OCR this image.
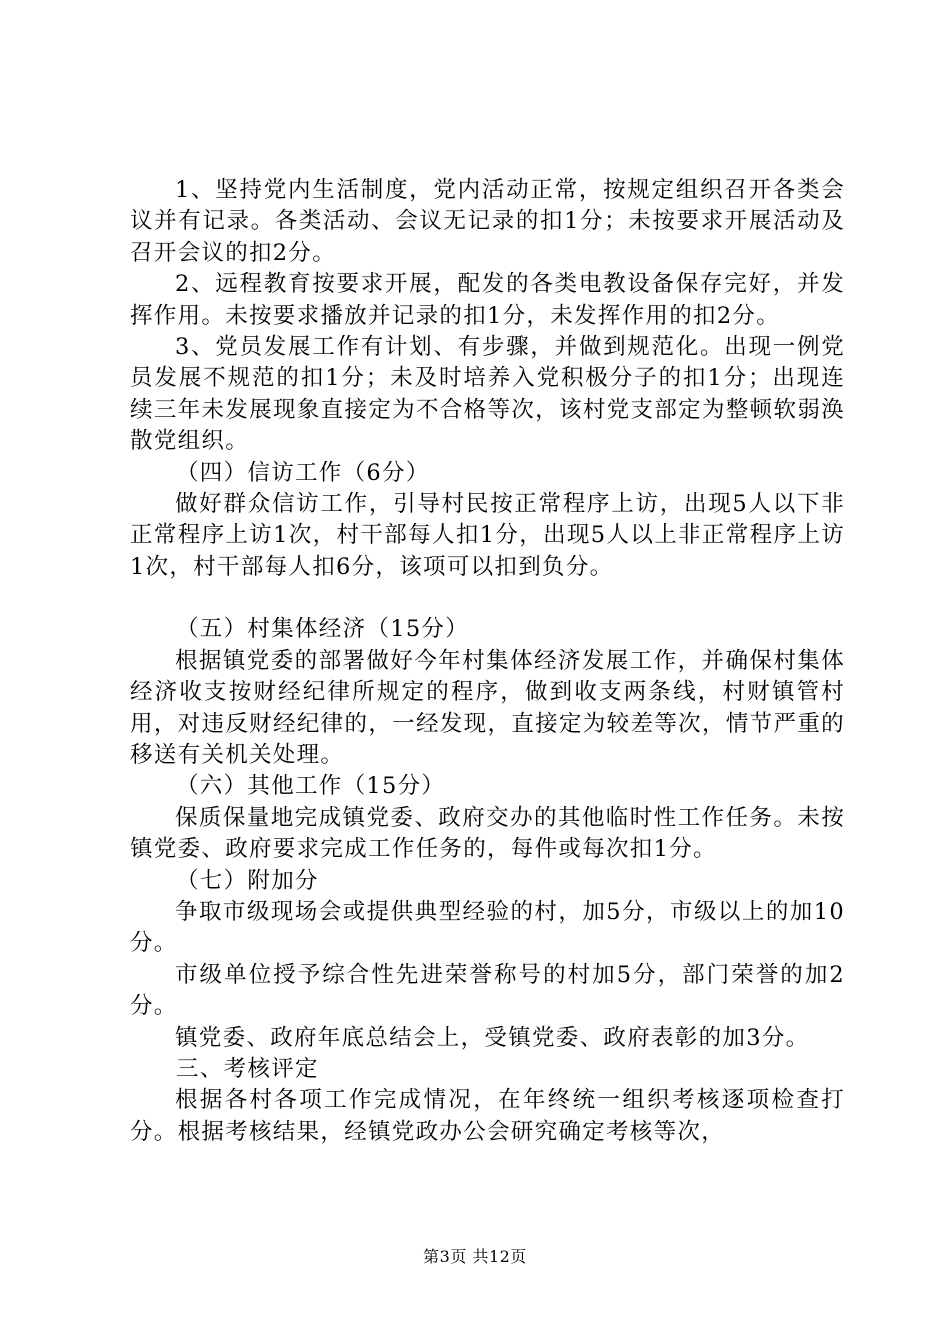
1、坚持党内生活制度，党内活动正常，按规定组织召开各类会议并有记录。各类活动、会议无记录的扣1分；未按要求开展活动及召开会议的扣2分。

2、远程教育按要求开展，配发的各类电教设备保存完好，并发挥作用。未按要求播放并记录的扣1分，未发挥作用的扣2分。

3、党员发展工作有计划、有步骤，并做到规范化。出现一例党员发展不规范的扣1分；未及时培养入党积极分子的扣1分；出现连续三年未发展现象直接定为不合格等次，该村党支部定为整顿软弱涣散党组织。

（四）信访工作（6分）

做好群众信访工作，引导村民按正常程序上访，出现5人以下非正常程序上访1次，村干部每人扣1分，出现5人以上非正常程序上访1次，村干部每人扣6分，该项可以扣到负分。

（五）村集体经济（15分）

根据镇党委的部署做好今年村集体经济发展工作，并确保村集体经济收支按财经纪律所规定的程序，做到收支两条线，村财镇管村用，对违反财经纪律的，一经发现，直接定为较差等次，情节严重的移送有关机关处理。

（六）其他工作（15分）

保质保量地完成镇党委、政府交办的其他临时性工作任务。未按镇党委、政府要求完成工作任务的，每件或每次扣1分。

（七）附加分

争取市级现场会或提供典型经验的村，加5分，市级以上的加10分。

市级单位授予综合性先进荣誉称号的村加5分，部门荣誉的加2分。

镇党委、政府年底总结会上，受镇党委、政府表彰的加3分。

三、考核评定

根据各村各项工作完成情况，在年终统一组织考核逐项检查打分。根据考核结果，经镇党政办公会研究确定考核等次，

第3页 共12页
